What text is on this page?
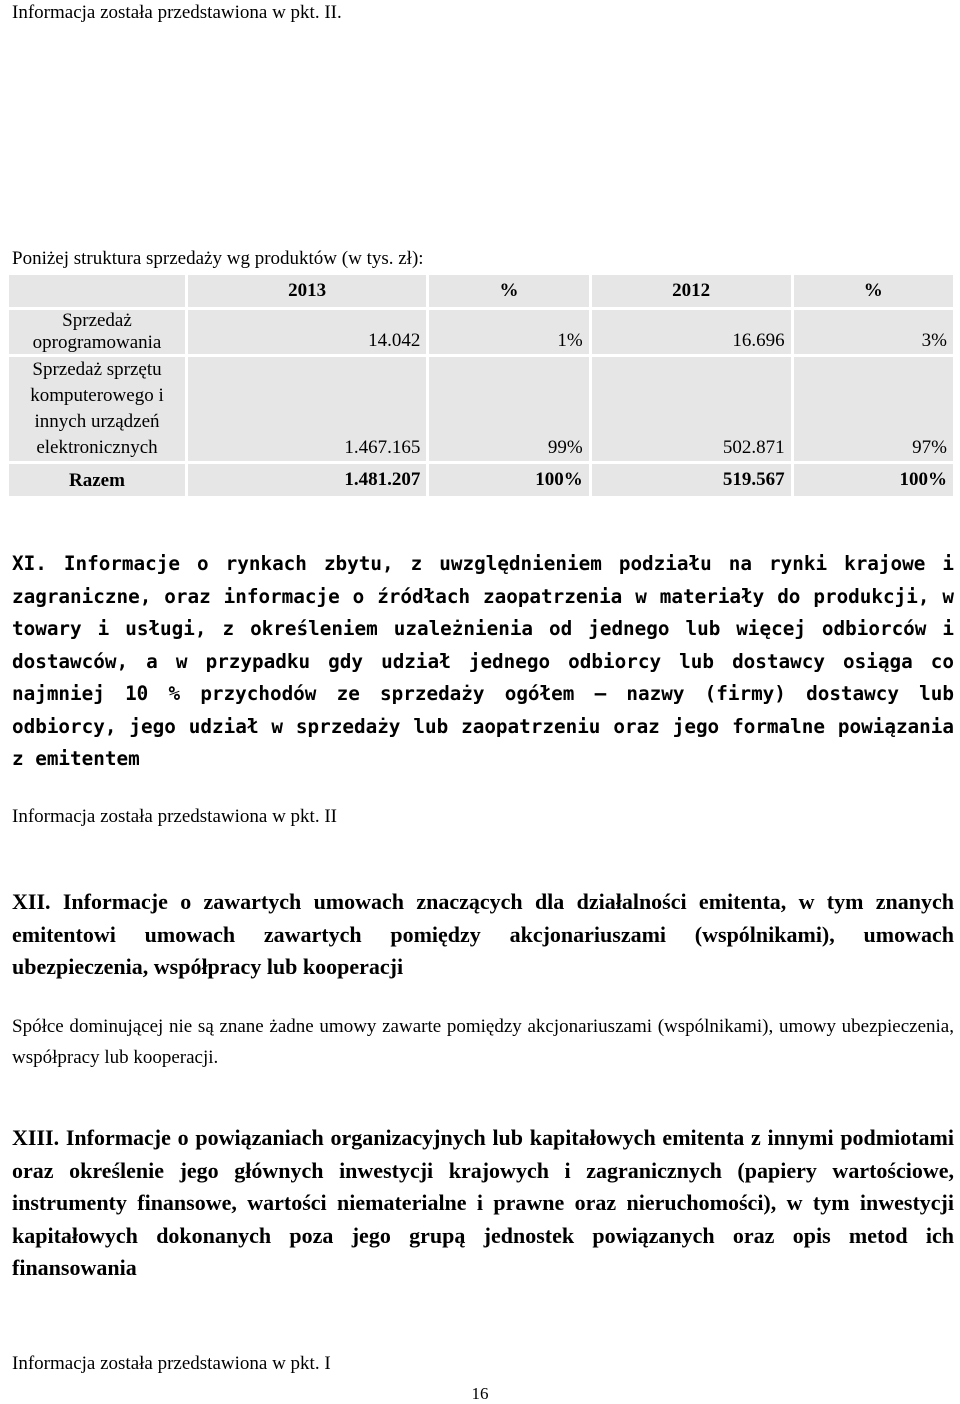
Informacja została przedstawiona w pkt. II.
Poniżej struktura sprzedaży wg produktów (w tys. zł):
	2013	%	2012	%

Sprzedaż
oprogramowania	14.042	1%	16.696	3%

Sprzedaż sprzętu
komputerowego i
innych urządzeń
elektronicznych	1.467.165	99%	502.871	97%
Razem	1.481.207	100%	519.567	100%
XI. Informacje o rynkach zbytu, z uwzględnieniem podziału na rynki krajowe i zagraniczne, oraz informacje o źródłach zaopatrzenia w materiały do produkcji, w towary i usługi, z określeniem uzależnienia od jednego lub więcej odbiorców i dostawców, a w przypadku gdy udział jednego odbiorcy lub dostawcy osiąga co najmniej 10 % przychodów ze sprzedaży ogółem – nazwy (firmy) dostawcy lub odbiorcy, jego udział w sprzedaży lub zaopatrzeniu oraz jego formalne powiązania z emitentem
Informacja została przedstawiona w pkt. II
XII. Informacje o zawartych umowach znaczących dla działalności emitenta, w tym znanych emitentowi umowach zawartych pomiędzy akcjonariuszami (wspólnikami), umowach ubezpieczenia, współpracy lub kooperacji
Spółce dominującej nie są znane żadne umowy zawarte pomiędzy akcjonariuszami (wspólnikami), umowy ubezpieczenia, współpracy lub kooperacji.
XIII. Informacje o powiązaniach organizacyjnych lub kapitałowych emitenta z innymi podmiotami oraz określenie jego głównych inwestycji krajowych i zagranicznych (papiery wartościowe, instrumenty finansowe, wartości niematerialne i prawne oraz nieruchomości), w tym inwestycji kapitałowych dokonanych poza jego grupą jednostek powiązanych oraz opis metod ich finansowania
Informacja została przedstawiona w pkt. I
16
